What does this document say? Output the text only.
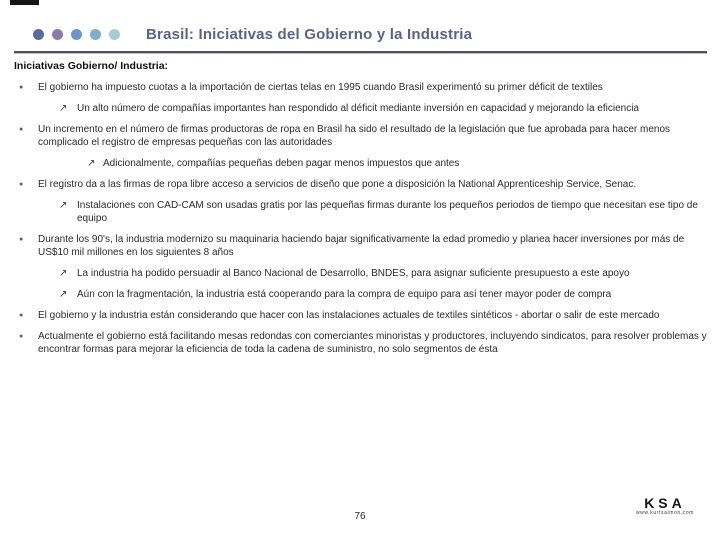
Brasil: Iniciativas del Gobierno y la Industria

Iniciativas Gobierno/ Industria:

●	El gobierno ha impuesto cuotas a la importación de ciertas telas en 1995 cuando Brasil experimentó su primer déficit de textiles
↗ Un alto número de compañías importantes han respondido al déficit mediante inversión en capacidad y mejorando la eficiencia
●	Un incremento en el número de firmas productoras de ropa en Brasil ha sido el resultado de la legislación que fue aprobada para hacer menos complicado el registro de empresas pequeñas con las autoridades
↗ Adicionalmente, compañías pequeñas deben pagar menos impuestos que antes
●	El registro da a las firmas de ropa libre acceso a servicios de diseño que pone a disposición la National Apprenticeship Service, Senac.
↗ Instalaciones con CAD-CAM son usadas gratis por las pequeñas firmas durante los pequeños periodos de tiempo que necesitan ese tipo de equipo
●	Durante los 90's, la industria modernizo su maquinaria haciendo bajar significativamente la edad promedio y planea hacer inversiones por más de US$10 mil millones en los siguientes 8 años
↗ La industria ha podido persuadir al Banco Nacional de Desarrollo, BNDES, para asignar suficiente presupuesto a este apoyo
↗ Aún con la fragmentación, la industria está cooperando para la compra de equipo para así tener mayor poder de compra
●	El gobierno y la industria están considerando que hacer con las instalaciones actuales de textiles sintéticos - abortar o salir de este mercado
●	Actualmente el gobierno está facilitando mesas redondas con comerciantes minoristas y productores, incluyendo sindicatos, para resolver problemas y encontrar formas para mejorar la eficiencia de toda la cadena de suministro, no solo segmentos de ésta
76
KSA
www.kurtsalmon.com
